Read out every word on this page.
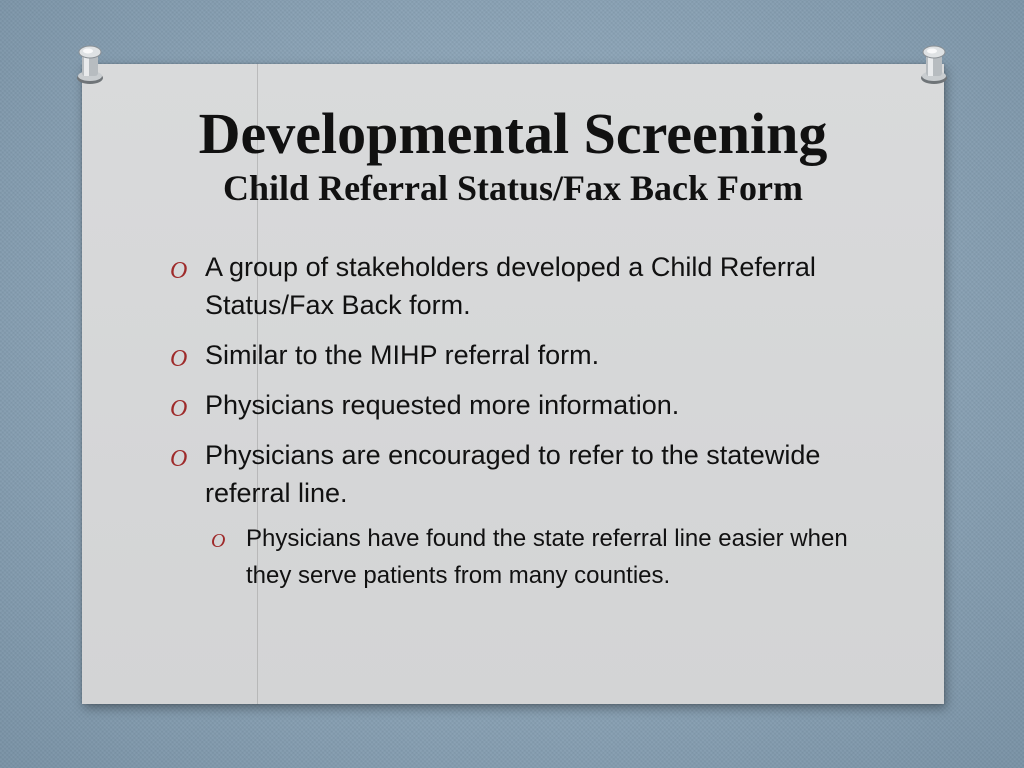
Developmental Screening
Child Referral Status/Fax Back Form
O A group of stakeholders developed a Child Referral Status/Fax Back form.
O Similar to the MIHP referral form.
O Physicians requested more information.
O Physicians are encouraged to refer to the statewide referral line.
O Physicians have found the state referral line easier when they serve patients from many counties.
